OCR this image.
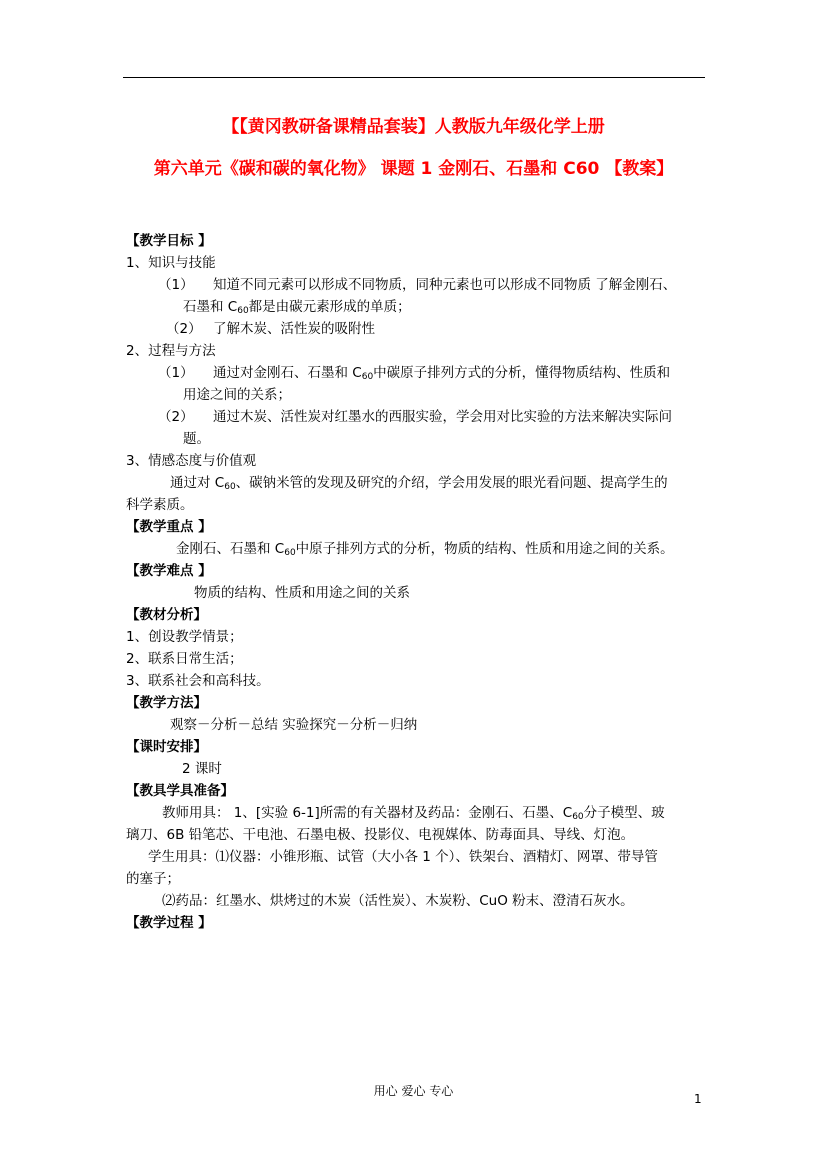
【【黄冈教研备课精品套装】人教版九年级化学上册
第六单元《碳和碳的氧化物》 课题 1 金刚石、石墨和 C60 【教案】
【教学目标 】
1、知识与技能
（1） 知道不同元素可以形成不同物质，同种元素也可以形成不同物质 了解金刚石、
石墨和 $C_{60}$都是由碳元素形成的单质；
（2） 了解木炭、活性炭的吸附性
2、过程与方法
（1） 通过对金刚石、石墨和 $C_{60}$中碳原子排列方式的分析，懂得物质结构、性质和
用途之间的关系；
（2） 通过木炭、活性炭对红墨水的西服实验，学会用对比实验的方法来解决实际问
题。
3、情感态度与价值观
通过对 $C_{60}$、碳钠米管的发现及研究的介绍，学会用发展的眼光看问题、提高学生的
科学素质。
【教学重点 】
金刚石、石墨和 $C_{60}$中原子排列方式的分析，物质的结构、性质和用途之间的关系。
【教学难点 】
物质的结构、性质和用途之间的关系
【教材分析】
1、创设教学情景；
2、联系日常生活；
3、联系社会和高科技。
【教学方法】
观察－分析－总结 实验探究－分析－归纳
【课时安排】
2 课时
【教具学具准备】
教师用具： 1、[实验 6-1]所需的有关器材及药品：金刚石、石墨、$C_{60}$分子模型、玻
璃刀、6B 铅笔芯、干电池、石墨电极、投影仪、电视媒体、防毒面具、导线、灯泡。
学生用具：⑴仪器：小锥形瓶、试管（大小各 1 个）、铁架台、酒精灯、网罩、带导管
的塞子；
⑵药品：红墨水、烘烤过的木炭（活性炭）、木炭粉、CuO 粉末、澄清石灰水。
【教学过程 】
用心 爱心 专心
1
